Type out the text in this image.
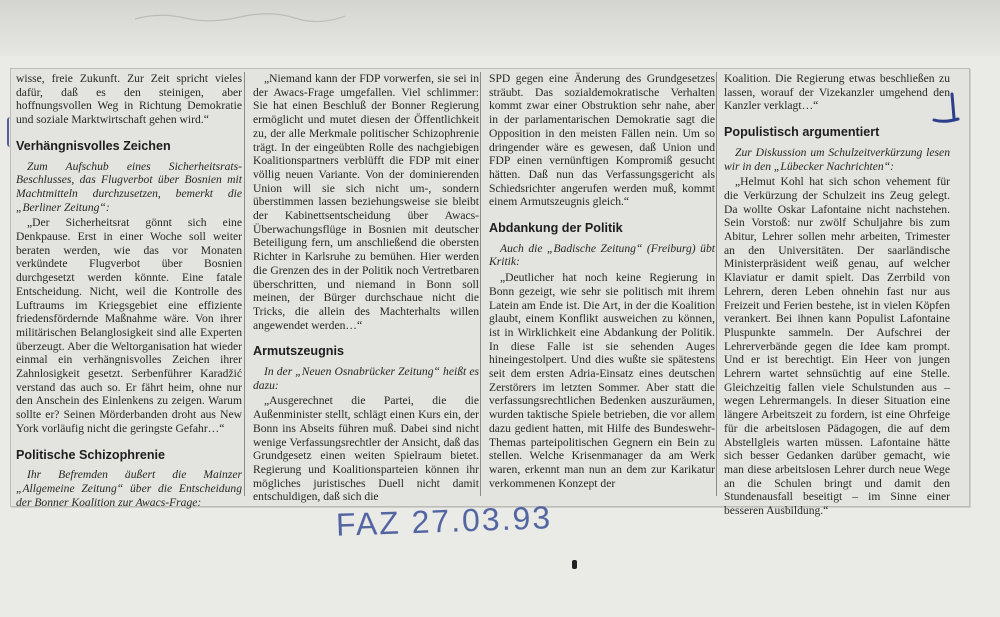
wisse, freie Zukunft. Zur Zeit spricht vieles dafür, daß es den steinigen, aber hoffnungsvollen Weg in Richtung Demokratie und soziale Marktwirtschaft gehen wird.“

Verhängnisvolles Zeichen

Zum Aufschub eines Sicherheitsrats-Beschlusses, das Flugverbot über Bosnien mit Machtmitteln durchzusetzen, bemerkt die „Berliner Zeitung“:

„Der Sicherheitsrat gönnt sich eine Denkpause. Erst in einer Woche soll weiter beraten werden, wie das vor Monaten verkündete Flugverbot über Bosnien durchgesetzt werden könnte. Eine fatale Entscheidung. Nicht, weil die Kontrolle des Luftraums im Kriegsgebiet eine effiziente friedensfördernde Maßnahme wäre. Von ihrer militärischen Belanglosigkeit sind alle Experten überzeugt. Aber die Weltorganisation hat wieder einmal ein verhängnisvolles Zeichen ihrer Zahnlosigkeit gesetzt. Serbenführer Karadžić verstand das auch so. Er fährt heim, ohne nur den Anschein des Einlenkens zu zeigen. Warum sollte er? Seinen Mörderbanden droht aus New York vorläufig nicht die geringste Gefahr…“

Politische Schizophrenie

Ihr Befremden äußert die Mainzer „Allgemeine Zeitung“ über die Entscheidung der Bonner Koalition zur Awacs-Frage:

„Niemand kann der FDP vorwerfen, sie sei in der Awacs-Frage umgefallen. Viel schlimmer: Sie hat einen Beschluß der Bonner Regierung ermöglicht und mutet diesen der Öffentlichkeit zu, der alle Merkmale politischer Schizophrenie trägt. In der eingeübten Rolle des nachgiebigen Koalitionspartners verblüfft die FDP mit einer völlig neuen Variante. Von der dominierenden Union will sie sich nicht um-, sondern überstimmen lassen beziehungsweise sie bleibt der Kabinettsentscheidung über Awacs-Überwachungsflüge in Bosnien mit deutscher Beteiligung fern, um anschließend die obersten Richter in Karlsruhe zu bemühen. Hier werden die Grenzen des in der Politik noch Vertretbaren überschritten, und niemand in Bonn soll meinen, der Bürger durchschaue nicht die Tricks, die allein des Machterhalts willen angewendet werden…“

Armutszeugnis

In der „Neuen Osnabrücker Zeitung“ heißt es dazu:

„Ausgerechnet die Partei, die die Außenminister stellt, schlägt einen Kurs ein, der Bonn ins Abseits führen muß. Dabei sind nicht wenige Verfassungsrechtler der Ansicht, daß das Grundgesetz einen weiten Spielraum bietet. Regierung und Koalitionsparteien können ihr mögliches juristisches Duell nicht damit entschuldigen, daß sich die

SPD gegen eine Änderung des Grundgesetzes sträubt. Das sozialdemokratische Verhalten kommt zwar einer Obstruktion sehr nahe, aber in der parlamentarischen Demokratie sagt die Opposition in den meisten Fällen nein. Um so dringender wäre es gewesen, daß Union und FDP einen vernünftigen Kompromiß gesucht hätten. Daß nun das Verfassungsgericht als Schiedsrichter angerufen werden muß, kommt einem Armutszeugnis gleich.“

Abdankung der Politik

Auch die „Badische Zeitung“ (Freiburg) übt Kritik:

„Deutlicher hat noch keine Regierung in Bonn gezeigt, wie sehr sie politisch mit ihrem Latein am Ende ist. Die Art, in der die Koalition glaubt, einem Konflikt ausweichen zu können, ist in Wirklichkeit eine Abdankung der Politik. In diese Falle ist sie sehenden Auges hineingestolpert. Und dies wußte sie spätestens seit dem ersten Adria-Einsatz eines deutschen Zerstörers im letzten Sommer. Aber statt die verfassungsrechtlichen Bedenken auszuräumen, wurden taktische Spiele betrieben, die vor allem dazu gedient hatten, mit Hilfe des Bundeswehr-Themas parteipolitischen Gegnern ein Bein zu stellen. Welche Krisenmanager da am Werk waren, erkennt man nun an dem zur Karikatur verkommenen Konzept der

Koalition. Die Regierung etwas beschließen zu lassen, worauf der Vizekanzler umgehend den Kanzler verklagt…“

Populistisch argumentiert

Zur Diskussion um Schulzeitverkürzung lesen wir in den „Lübecker Nachrichten“:

„Helmut Kohl hat sich schon vehement für die Verkürzung der Schulzeit ins Zeug gelegt. Da wollte Oskar Lafontaine nicht nachstehen. Sein Vorstoß: nur zwölf Schuljahre bis zum Abitur, Lehrer sollen mehr arbeiten, Trimester an den Universitäten. Der saarländische Ministerpräsident weiß genau, auf welcher Klaviatur er damit spielt. Das Zerrbild von Lehrern, deren Leben ohnehin fast nur aus Freizeit und Ferien bestehe, ist in vielen Köpfen verankert. Bei ihnen kann Populist Lafontaine Pluspunkte sammeln. Der Aufschrei der Lehrerverbände gegen die Idee kam prompt. Und er ist berechtigt. Ein Heer von jungen Lehrern wartet sehnsüchtig auf eine Stelle. Gleichzeitig fallen viele Schulstunden aus – wegen Lehrermangels. In dieser Situation eine längere Arbeitszeit zu fordern, ist eine Ohrfeige für die arbeitslosen Pädagogen, die auf dem Abstellgleis warten müssen. Lafontaine hätte sich besser Gedanken darüber gemacht, wie man diese arbeitslosen Lehrer durch neue Wege an die Schulen bringt und damit den Stundenausfall beseitigt – im Sinne einer besseren Ausbildung.“

FAZ 27.03.93
